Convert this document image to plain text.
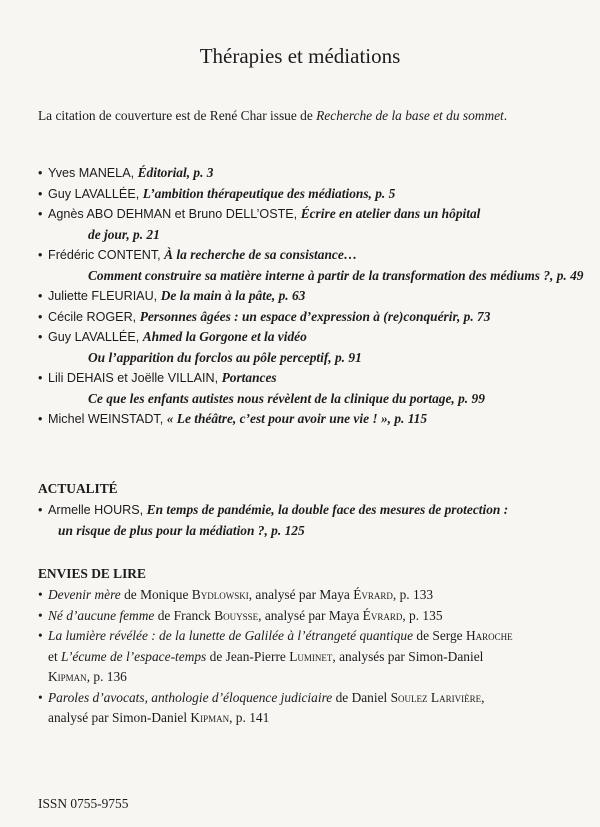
Thérapies et médiations
La citation de couverture est de René Char issue de Recherche de la base et du sommet.
• Yves MANELA, Éditorial, p. 3
• Guy LAVALLÉE, L’ambition thérapeutique des médiations, p. 5
• Agnès ABO DEHMAN et Bruno DELL’OSTE, Écrire en atelier dans un hôpital
de jour, p. 21
• Frédéric CONTENT, À la recherche de sa consistance…
Comment construire sa matière interne à partir de la transformation des médiums ?, p. 49
• Juliette FLEURIAU, De la main à la pâte, p. 63
• Cécile ROGER, Personnes âgées : un espace d’expression à (re)conquérir, p. 73
• Guy LAVALLÉE, Ahmed la Gorgone et la vidéo
Ou l’apparition du forclos au pôle perceptif, p. 91
• Lili DEHAIS et Joëlle VILLAIN, Portances
Ce que les enfants autistes nous révèlent de la clinique du portage, p. 99
• Michel WEINSTADT, « Le théâtre, c’est pour avoir une vie ! », p. 115
ACTUALITÉ
• Armelle HOURS, En temps de pandémie, la double face des mesures de protection :
un risque de plus pour la médiation ?, p. 125
ENVIES DE LIRE
• Devenir mère de Monique Bydlowski, analysé par Maya Évrard, p. 133
• Né d’aucune femme de Franck Bouysse, analysé par Maya Évrard, p. 135
• La lumière révélée : de la lunette de Galilée à l’étrangeté quantique de Serge Haroche
et L’écume de l’espace-temps de Jean-Pierre Luminet, analysés par Simon-Daniel
Kipman, p. 136
• Paroles d’avocats, anthologie d’éloquence judiciaire de Daniel Soulez Larivière,
analysé par Simon-Daniel Kipman, p. 141
ISSN 0755-9755
